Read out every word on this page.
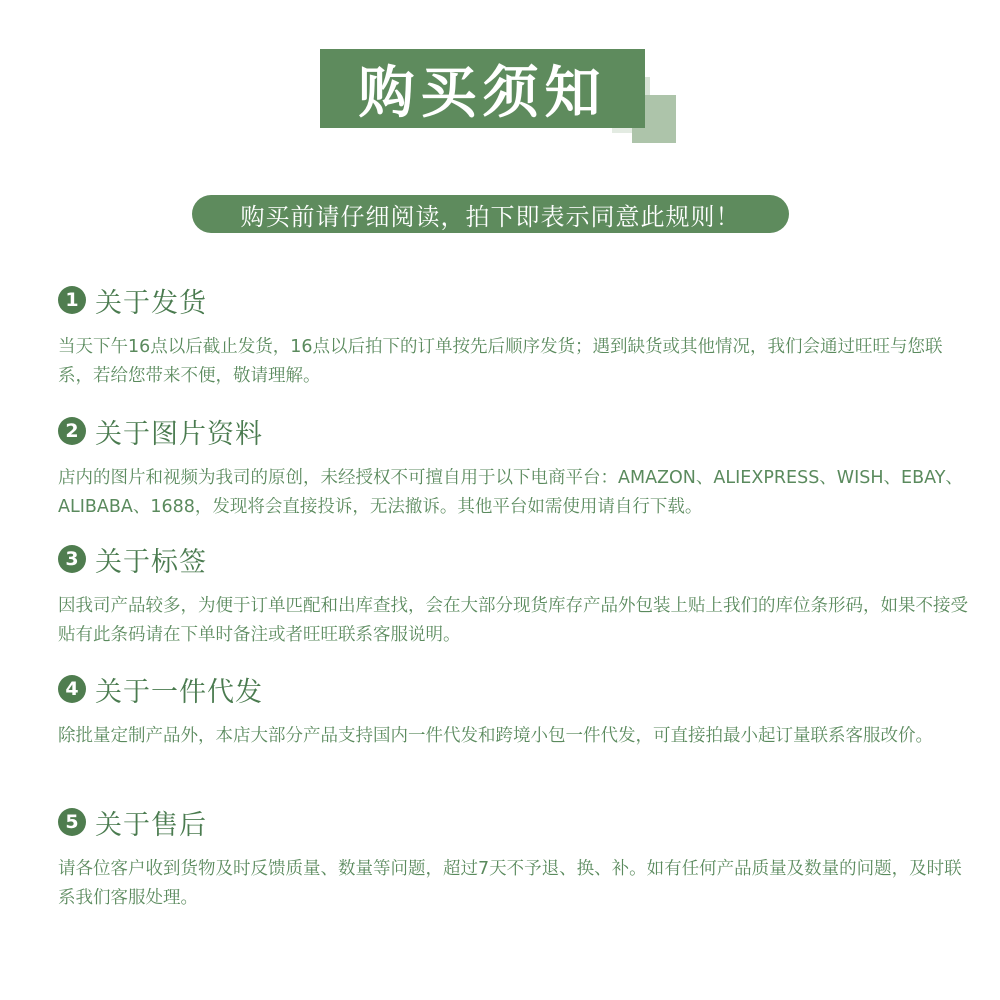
购买须知
购买前请仔细阅读，拍下即表示同意此规则！
1 关于发货
当天下午16点以后截止发货，16点以后拍下的订单按先后顺序发货；遇到缺货或其他情况，我们会通过旺旺与您联系，若给您带来不便，敬请理解。
2 关于图片资料
店内的图片和视频为我司的原创，未经授权不可擅自用于以下电商平台：AMAZON、ALIEXPRESS、WISH、EBAY、ALIBABA、1688，发现将会直接投诉，无法撤诉。其他平台如需使用请自行下载。
3 关于标签
因我司产品较多，为便于订单匹配和出库查找，会在大部分现货库存产品外包装上贴上我们的库位条形码，如果不接受贴有此条码请在下单时备注或者旺旺联系客服说明。
4 关于一件代发
除批量定制产品外，本店大部分产品支持国内一件代发和跨境小包一件代发，可直接拍最小起订量联系客服改价。
5 关于售后
请各位客户收到货物及时反馈质量、数量等问题，超过7天不予退、换、补。如有任何产品质量及数量的问题，及时联系我们客服处理。
